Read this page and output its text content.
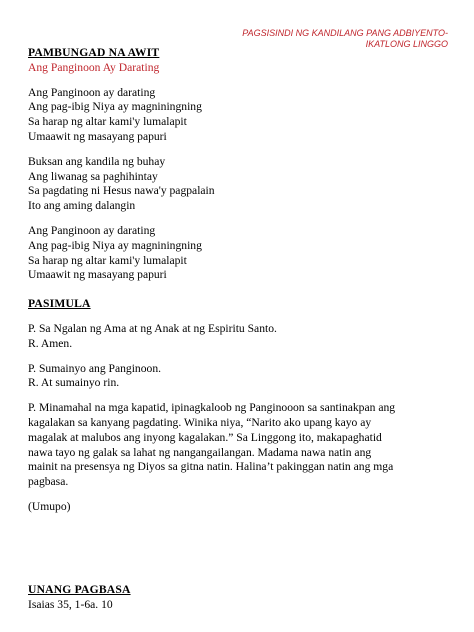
PAGSISINDI NG KANDILANG PANG ADBIYENTO-
IKATLONG LINGGO
PAMBUNGAD NA AWIT
Ang Panginoon Ay Darating
Ang Panginoon ay darating
Ang pag-ibig Niya ay magniningning
Sa harap ng altar kami'y lumalapit
Umaawit ng masayang papuri
Buksan ang kandila ng buhay
Ang liwanag sa paghihintay
Sa pagdating ni Hesus nawa'y pagpalain
Ito ang aming dalangin
Ang Panginoon ay darating
Ang pag-ibig Niya ay magniningning
Sa harap ng altar kami'y lumalapit
Umaawit ng masayang papuri
PASIMULA
P. Sa Ngalan ng Ama at ng Anak at ng Espiritu Santo.
R. Amen.
P. Sumainyo ang Panginoon.
R. At sumainyo rin.
P. Minamahal na mga kapatid, ipinagkaloob ng Panginooon sa santinakpan ang
kagalakan sa kanyang pagdating. Winika niya, “Narito ako upang kayo ay
magalak at malubos ang inyong kagalakan.” Sa Linggong ito, makapaghatid
nawa tayo ng galak sa lahat ng nangangailangan. Madama nawa natin ang
mainit na presensya ng Diyos sa gitna natin. Halina’t pakinggan natin ang mga
pagbasa.
(Umupo)
UNANG PAGBASA
Isaias 35, 1-6a. 10
